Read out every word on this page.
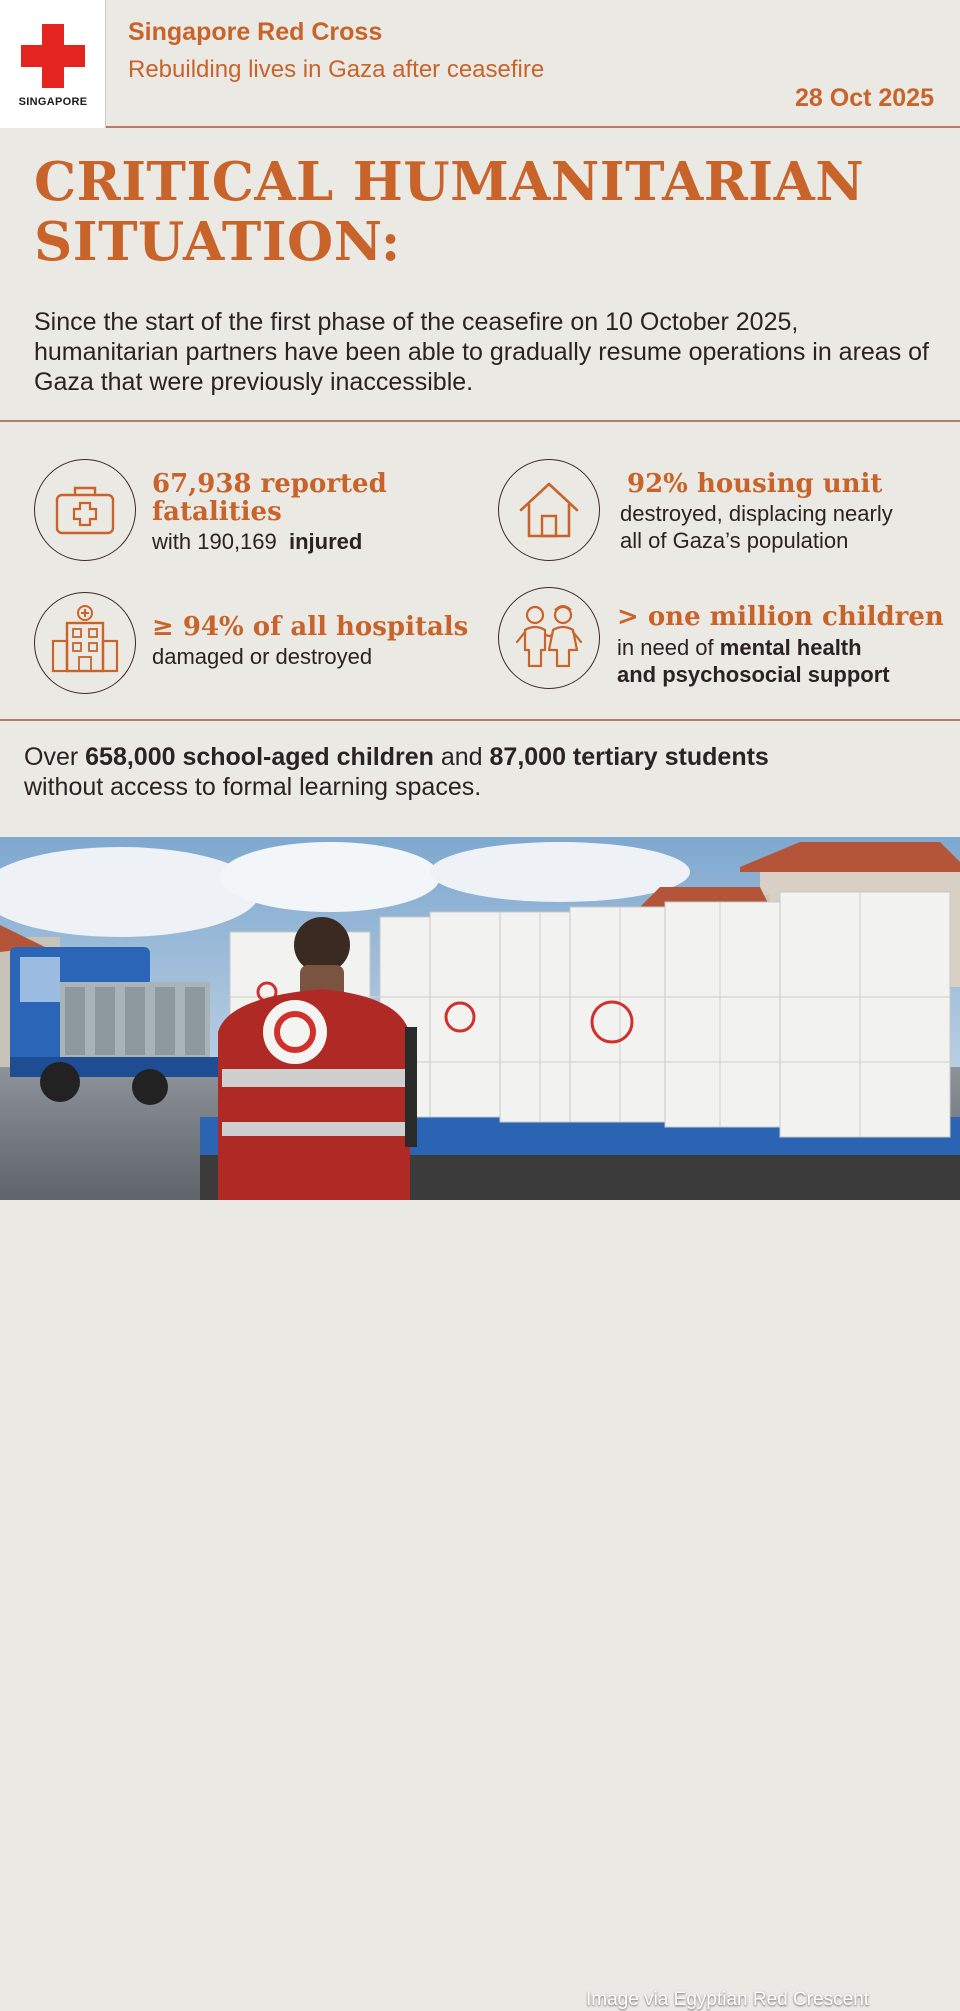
SINGAPORE
Singapore Red Cross
Rebuilding lives in Gaza after ceasefire
28 Oct 2025
CRITICAL HUMANITARIAN
SITUATION:
Since the start of the first phase of the ceasefire on 10 October 2025, humanitarian partners have been able to gradually resume operations in areas of Gaza that were previously inaccessible.
67,938 reported
fatalities
with 190,169 injured
92% housing unit
destroyed, displacing nearly
all of Gaza’s population
≥ 94% of all hospitals
damaged or destroyed
> one million children
in need of mental health
and psychosocial support
Over 658,000 school-aged children and 87,000 tertiary students
without access to formal learning spaces.
Image via Egyptian Red Crescent
